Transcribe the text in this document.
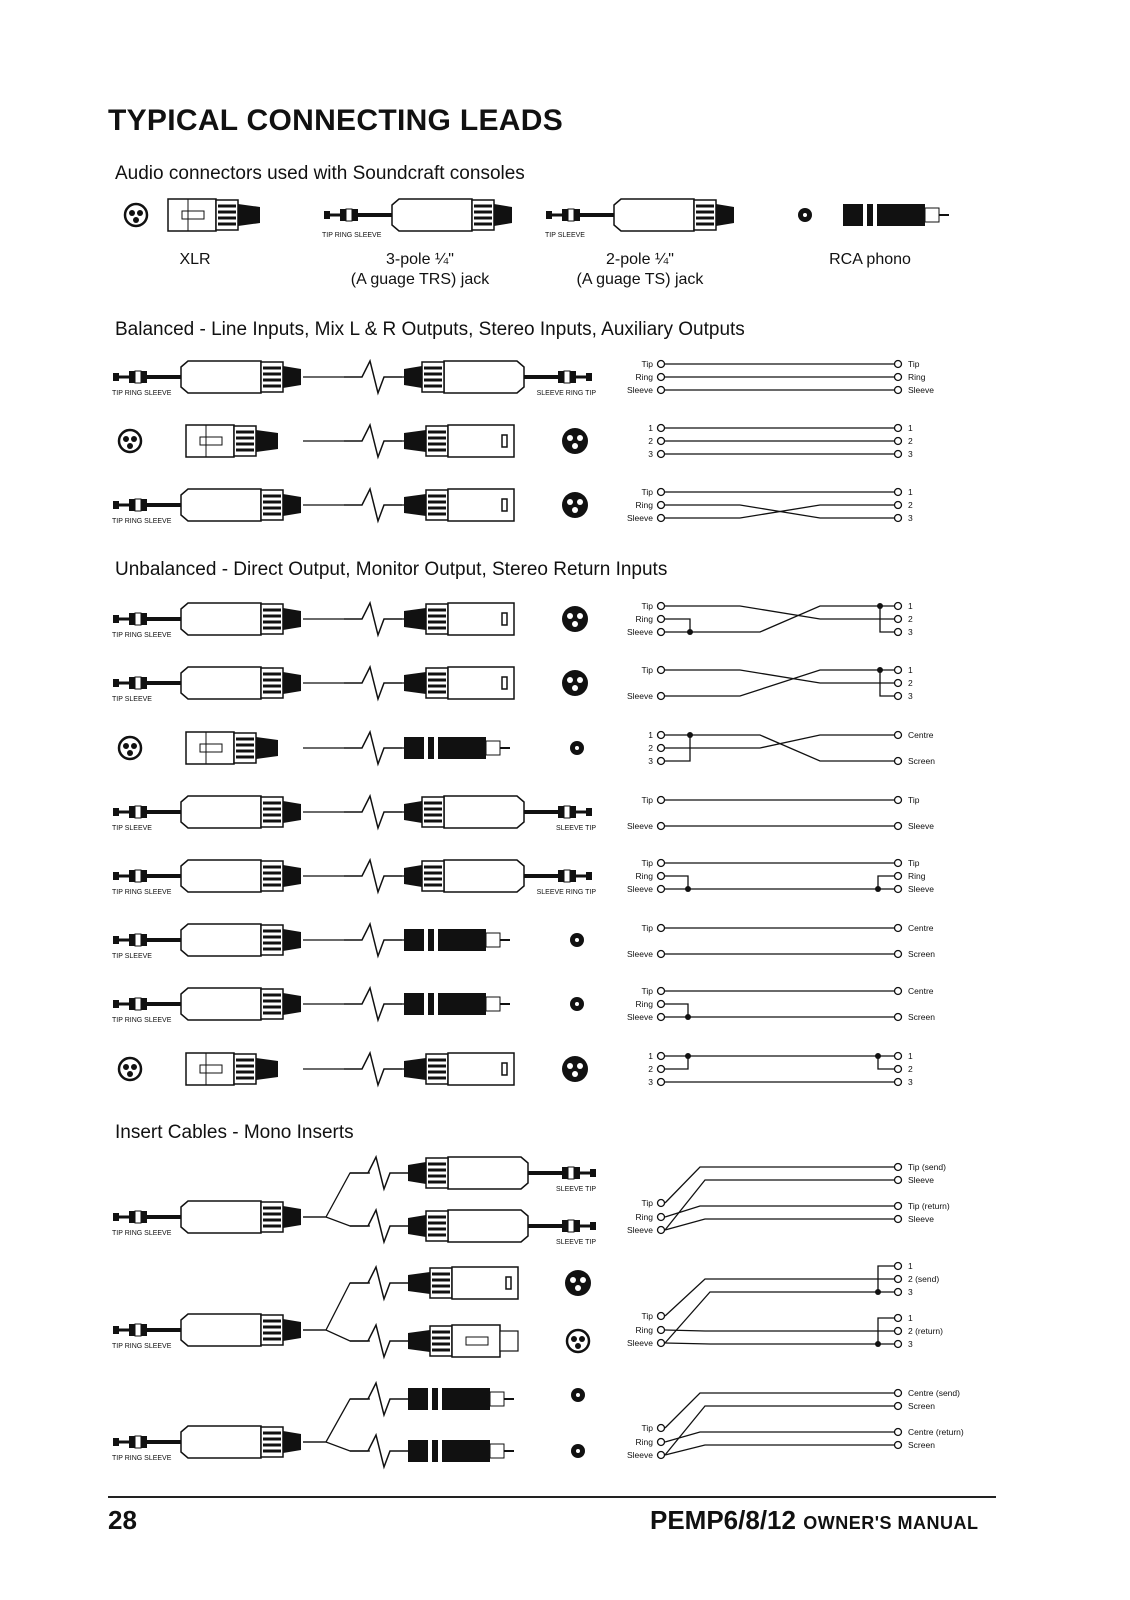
TYPICAL CONNECTING LEADS
Audio connectors used with Soundcraft consoles
XLR	3-pole ¼"
(A guage TRS) jack
2-pole ¼"
(A guage TS) jack
RCA phono
Balanced - Line Inputs, Mix L & R Outputs, Stereo Inputs, Auxiliary Outputs
Unbalanced - Direct Output, Monitor Output, Stereo Return Inputs
Insert Cables - Mono Inserts
TIP RING SLEEVE	SLEEVE RING TIP
Tip
Ring
Sleeve
Tip
Ring
Sleeve
1
2
3
1
2
3
TIP RING SLEEVE
Tip
Ring
Sleeve
1
2
3
TIP RING SLEEVE
Tip
Ring
Sleeve
1
2
3
TIP SLEEVE
Tip
Sleeve
1
2
3
1
2
3
Centre
Screen
TIP SLEEVE	SLEEVE TIP
Tip
Sleeve
Tip
Sleeve
TIP RING SLEEVE	SLEEVE RING TIP
Tip
Ring
Sleeve
Tip
Ring
Sleeve
TIP SLEEVE
Tip
Sleeve
Centre
Screen
TIP RING SLEEVE
Tip
Ring
Sleeve
Centre
Screen
1
2
3
1
2
3
TIP RING SLEEVE
SLEEVE TIP
SLEEVE TIP
Tip
Ring
Sleeve
Tip (send)
Sleeve
Tip (return)
Sleeve
TIP RING SLEEVE
Tip
Ring
Sleeve
1
2 (send)
3
1
2 (return)
3
TIP RING SLEEVE
Tip
Ring
Sleeve
Centre (send)
Screen
Centre (return)
Screen
TIP RING SLEEVE	TIP SLEEVE
28	PEMP6/8/12 OWNER'S MANUAL
